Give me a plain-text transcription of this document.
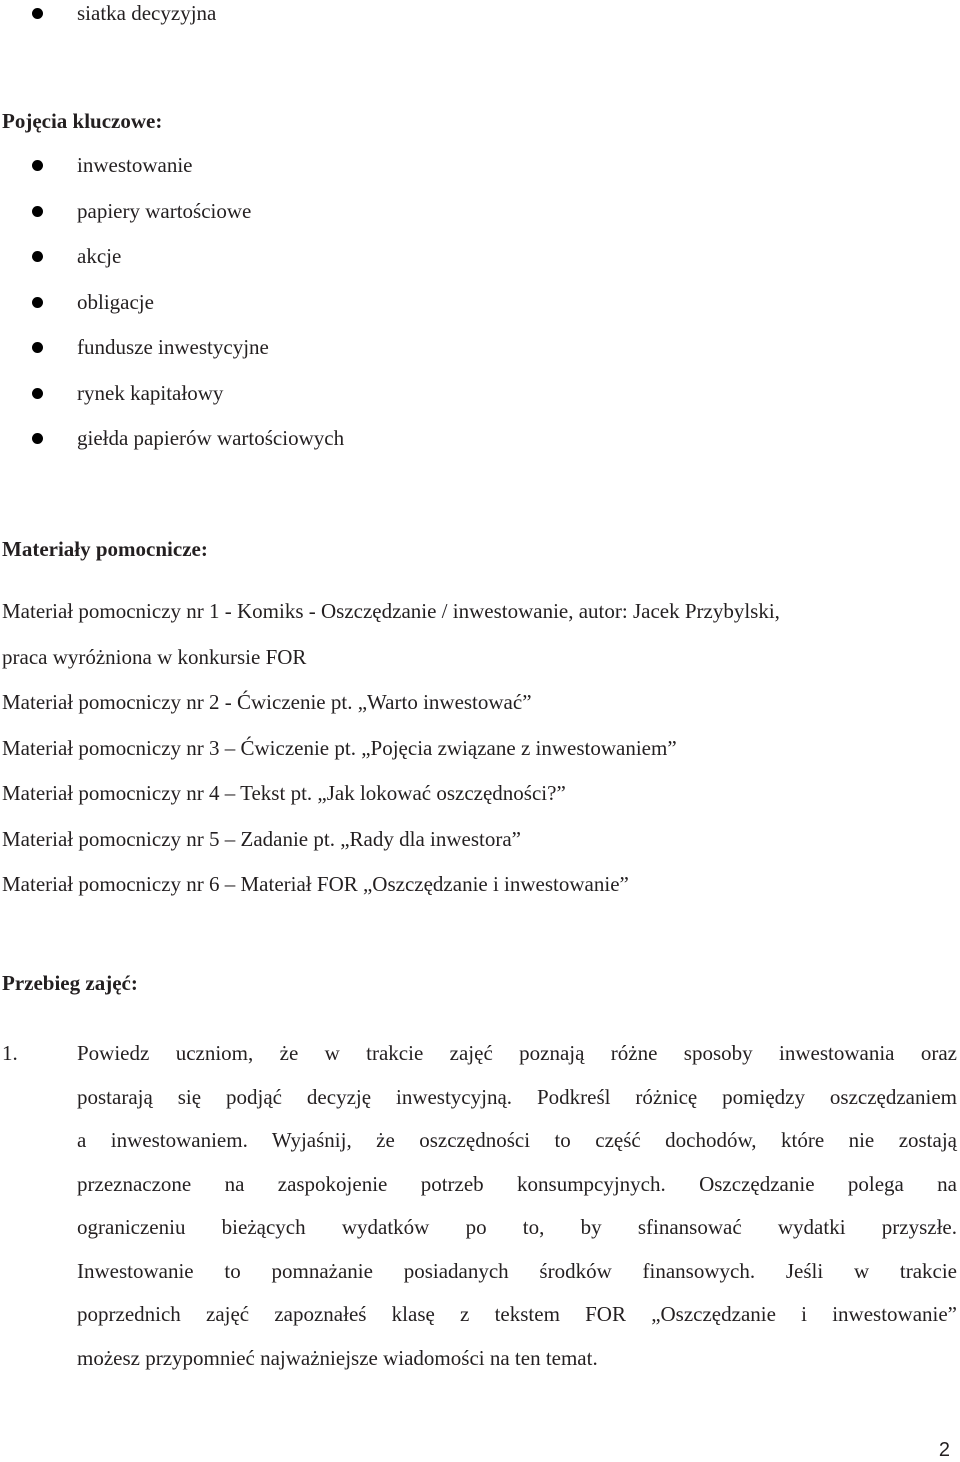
siatka decyzyjna
Pojęcia kluczowe:
inwestowanie
papiery wartościowe
akcje
obligacje
fundusze inwestycyjne
rynek kapitałowy
giełda papierów wartościowych
Materiały pomocnicze:
Materiał pomocniczy nr 1 - Komiks - Oszczędzanie / inwestowanie, autor: Jacek Przybylski,
praca wyróżniona w konkursie FOR
Materiał pomocniczy nr 2 - Ćwiczenie pt. „Warto inwestować”
Materiał pomocniczy nr 3 – Ćwiczenie pt. „Pojęcia związane z inwestowaniem”
Materiał pomocniczy nr 4 – Tekst pt. „Jak lokować oszczędności?”
Materiał pomocniczy nr 5 – Zadanie pt. „Rady dla inwestora”
Materiał pomocniczy nr 6 – Materiał FOR „Oszczędzanie i inwestowanie”
Przebieg zajęć:
1.	Powiedz uczniom, że w trakcie zajęć poznają różne sposoby inwestowania oraz
postarają się podjąć decyzję inwestycyjną. Podkreśl różnicę pomiędzy oszczędzaniem
a inwestowaniem. Wyjaśnij, że oszczędności to część dochodów, które nie zostają
przeznaczone na zaspokojenie potrzeb konsumpcyjnych. Oszczędzanie polega na
ograniczeniu bieżących wydatków po to, by sfinansować wydatki przyszłe.
Inwestowanie to pomnażanie posiadanych środków finansowych. Jeśli w trakcie
poprzednich zajęć zapoznałeś klasę z tekstem FOR „Oszczędzanie i inwestowanie”
możesz przypomnieć najważniejsze wiadomości na ten temat.
2
